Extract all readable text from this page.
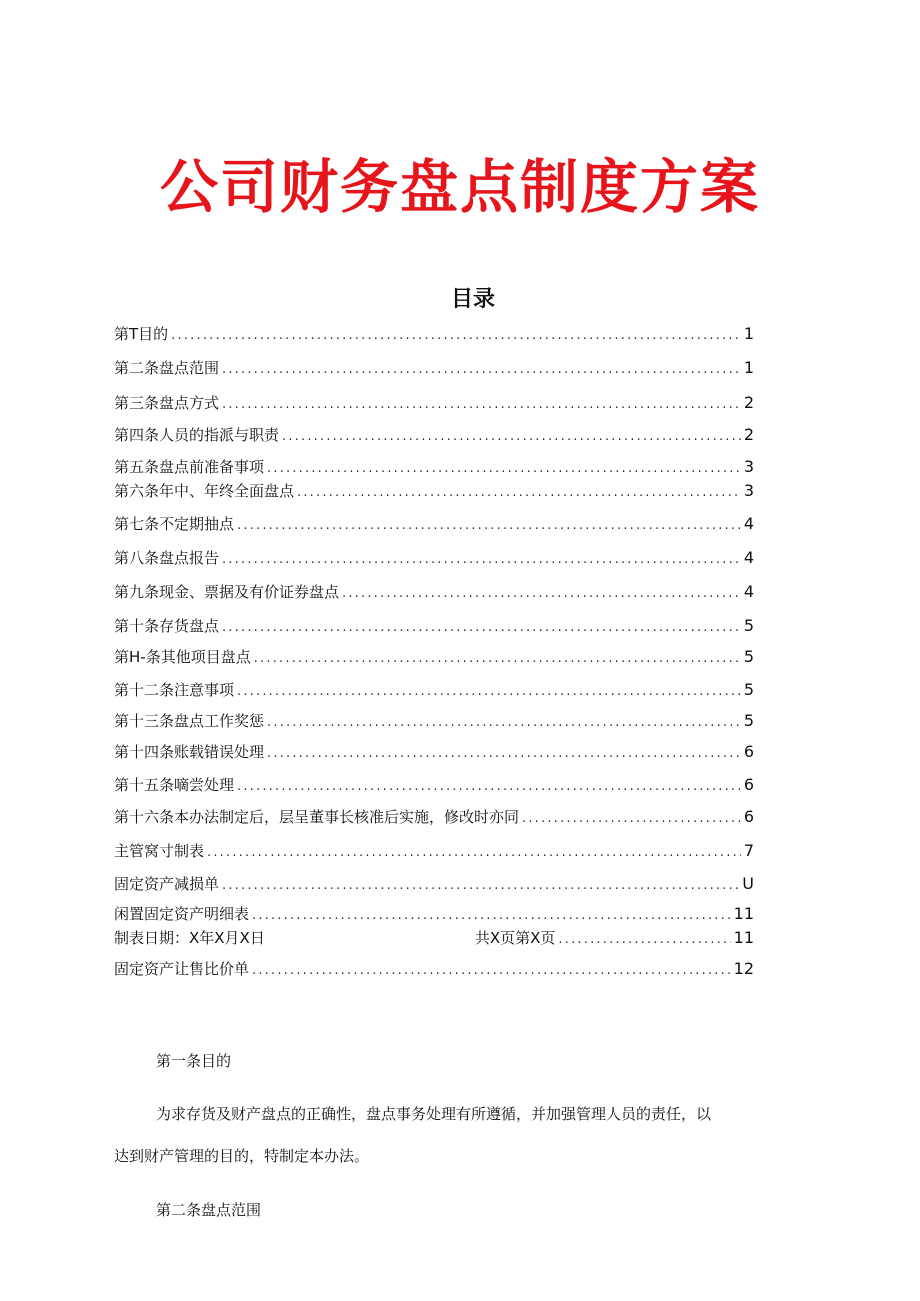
公司财务盘点制度方案
目录
第T目的 .....	1
第二条盘点范围 .....	1
第三条盘点方式 .....	2
第四条人员的指派与职责 .....	2
第五条盘点前准备事项 .....	3
第六条年中、年终全面盘点 .....	3
第七条不定期抽点 .....	4
第八条盘点报告 .....	4
第九条现金、票据及有价证券盘点 .....	4
第十条存货盘点 .....	5
第H-条其他项目盘点 .....	5
第十二条注意事项 .....	5
第十三条盘点工作奖惩 .....	5
第十四条账载错误处理 .....	6
第十五条嘀尝处理 .....	6
第十六条本办法制定后，层呈董事长核准后实施，修改时亦同 .....	6
主管窝寸制表 .....	7
固定资产减损单 .....	U
闲置固定资产明细表 .....	11
制表日期：X年X月X日	共X页第X页 .....	11
固定资产让售比价单 .....	12

第一条目的

为求存货及财产盘点的正确性，盘点事务处理有所遵循，并加强管理人员的责任，以

达到财产管理的目的，特制定本办法。

第二条盘点范围
